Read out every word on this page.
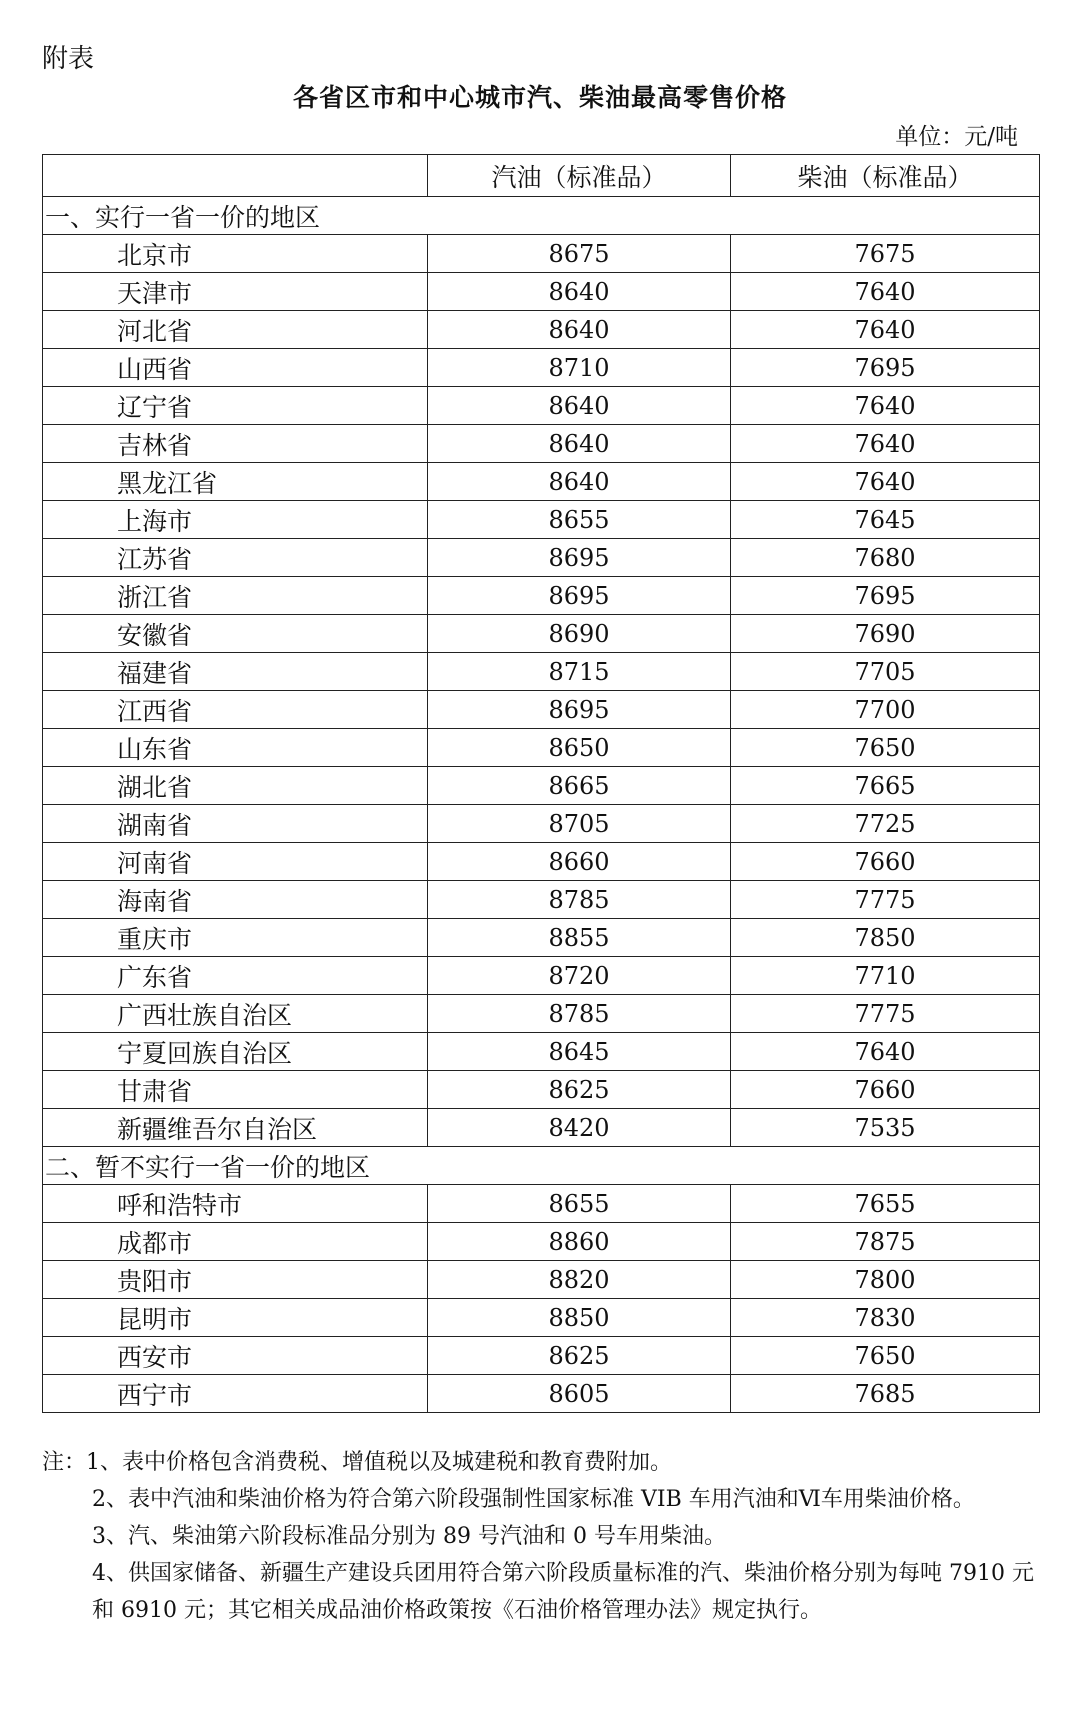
附表
各省区市和中心城市汽、柴油最高零售价格
单位：元/吨
	汽油（标准品）	柴油（标准品）
一、实行一省一价的地区		
北京市	8675	7675
天津市	8640	7640
河北省	8640	7640
山西省	8710	7695
辽宁省	8640	7640
吉林省	8640	7640
黑龙江省	8640	7640
上海市	8655	7645
江苏省	8695	7680
浙江省	8695	7695
安徽省	8690	7690
福建省	8715	7705
江西省	8695	7700
山东省	8650	7650
湖北省	8665	7665
湖南省	8705	7725
河南省	8660	7660
海南省	8785	7775
重庆市	8855	7850
广东省	8720	7710
广西壮族自治区	8785	7775
宁夏回族自治区	8645	7640
甘肃省	8625	7660
新疆维吾尔自治区	8420	7535
二、暂不实行一省一价的地区		
呼和浩特市	8655	7655
成都市	8860	7875
贵阳市	8820	7800
昆明市	8850	7830
西安市	8625	7650
西宁市	8605	7685

注：1、表中价格包含消费税、增值税以及城建税和教育费附加。

2、表中汽油和柴油价格为符合第六阶段强制性国家标准 VIB 车用汽油和Ⅵ车用柴油价格。

3、汽、柴油第六阶段标准品分别为 89 号汽油和 0 号车用柴油。

4、供国家储备、新疆生产建设兵团用符合第六阶段质量标准的汽、柴油价格分别为每吨 7910 元和 6910 元；其它相关成品油价格政策按《石油价格管理办法》规定执行。
